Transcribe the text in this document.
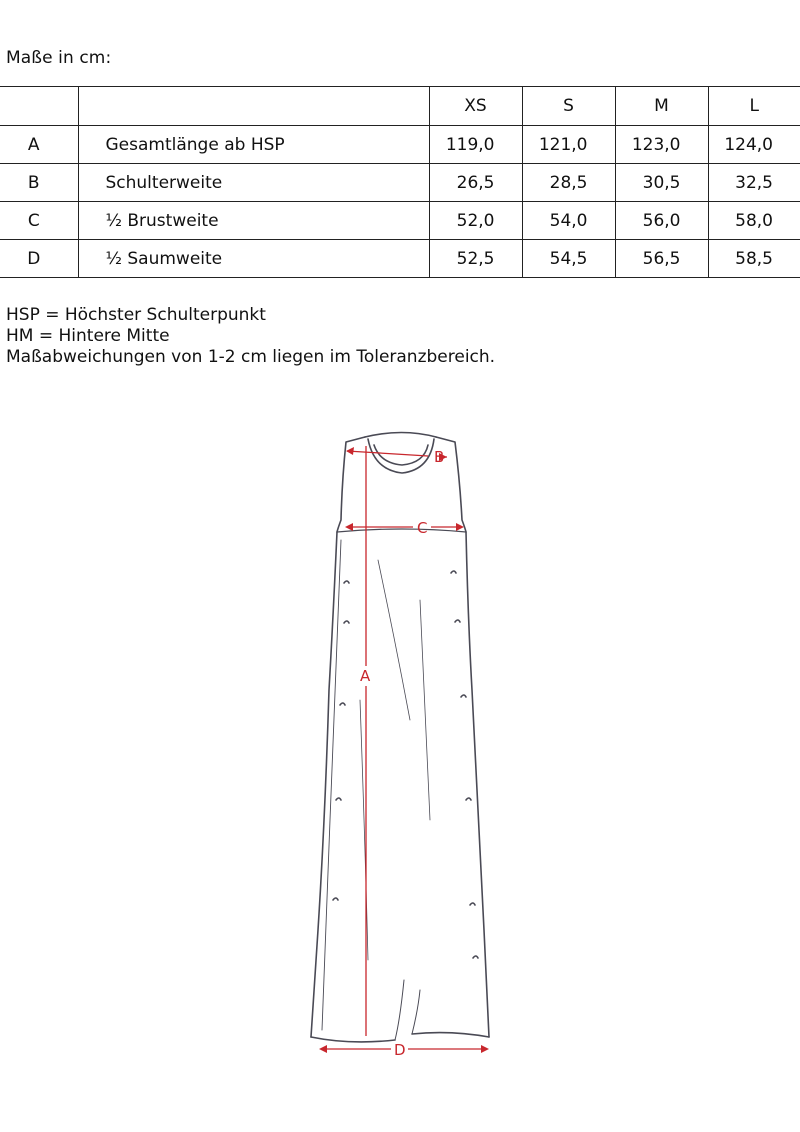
Maße in cm:
		XS	S	M	L
A	Gesamtlänge ab HSP	119,0	121,0	123,0	124,0
B	Schulterweite	26,5	28,5	30,5	32,5
C	½ Brustweite	52,0	54,0	56,0	58,0
D	½ Saumweite	52,5	54,5	56,5	58,5
HSP = Höchster Schulterpunkt
HM = Hintere Mitte
Maßabweichungen von 1-2 cm liegen im Toleranzbereich.
B
C
A
D
